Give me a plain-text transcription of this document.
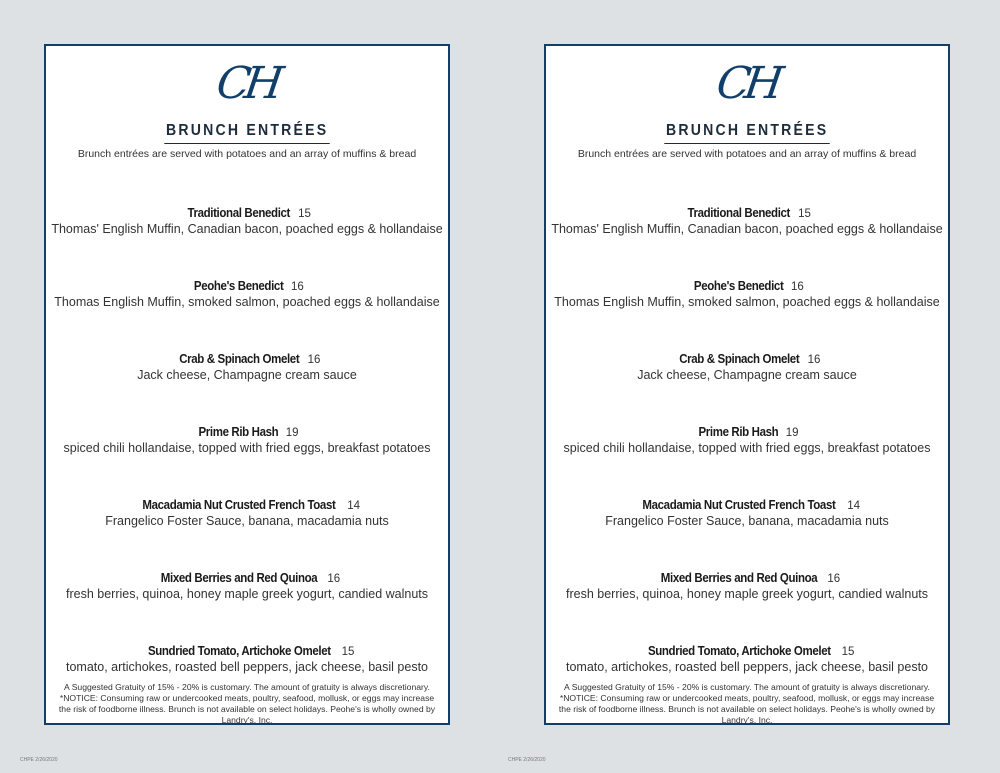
CH
BRUNCH ENTRÉES
Brunch entrées are served with potatoes and an array of muffins & bread
Traditional Benedict 15
Thomas' English Muffin, Canadian bacon, poached eggs & hollandaise
Peohe's Benedict 16
Thomas English Muffin, smoked salmon, poached eggs & hollandaise
Crab & Spinach Omelet 16
Jack cheese, Champagne cream sauce
Prime Rib Hash 19
spiced chili hollandaise, topped with fried eggs, breakfast potatoes
Macadamia Nut Crusted French Toast 14
Frangelico Foster Sauce, banana, macadamia nuts
Mixed Berries and Red Quinoa 16
fresh berries, quinoa, honey maple greek yogurt, candied walnuts
Sundried Tomato, Artichoke Omelet 15
tomato, artichokes, roasted bell peppers, jack cheese, basil pesto
A Suggested Gratuity of 15% - 20% is customary. The amount of gratuity is always discretionary. *NOTICE: Consuming raw or undercooked meats, poultry, seafood, mollusk, or eggs may increase the risk of foodborne illness. Brunch is not available on select holidays. Peohe's is wholly owned by Landry's, Inc.
CH
BRUNCH ENTRÉES
Brunch entrées are served with potatoes and an array of muffins & bread
Traditional Benedict 15
Thomas' English Muffin, Canadian bacon, poached eggs & hollandaise
Peohe's Benedict 16
Thomas English Muffin, smoked salmon, poached eggs & hollandaise
Crab & Spinach Omelet 16
Jack cheese, Champagne cream sauce
Prime Rib Hash 19
spiced chili hollandaise, topped with fried eggs, breakfast potatoes
Macadamia Nut Crusted French Toast 14
Frangelico Foster Sauce, banana, macadamia nuts
Mixed Berries and Red Quinoa 16
fresh berries, quinoa, honey maple greek yogurt, candied walnuts
Sundried Tomato, Artichoke Omelet 15
tomato, artichokes, roasted bell peppers, jack cheese, basil pesto
A Suggested Gratuity of 15% - 20% is customary. The amount of gratuity is always discretionary. *NOTICE: Consuming raw or undercooked meats, poultry, seafood, mollusk, or eggs may increase the risk of foodborne illness. Brunch is not available on select holidays. Peohe's is wholly owned by Landry's, Inc.
CHPE 2/26/2020	CHPE 2/26/2020
